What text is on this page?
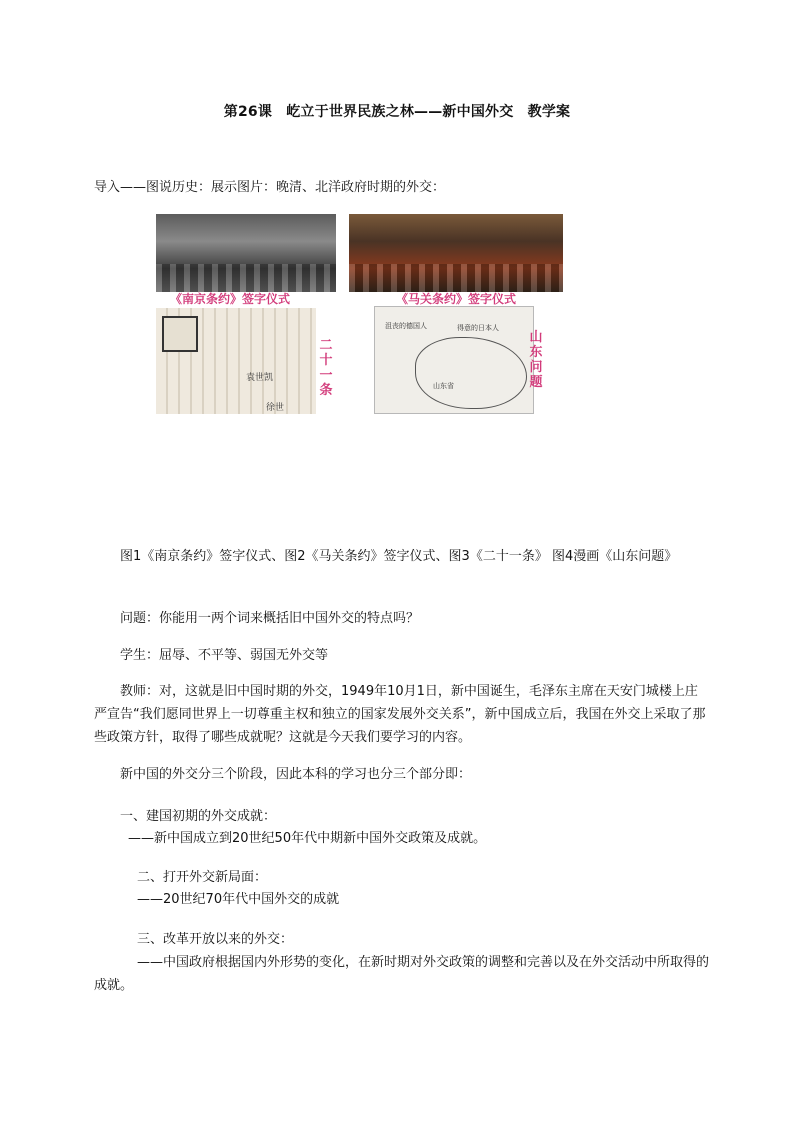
第26课　屹立于世界民族之林——新中国外交　教学案
导入——图说历史：展示图片：晚清、北洋政府时期的外交：
《南京条约》签字仪式	《马关条约》签字仪式
袁世凯
徐世
二十一条
沮丧的德国人	得意的日本人
山东省
山东问题
图1《南京条约》签字仪式、图2《马关条约》签字仪式、图3《二十一条》 图4漫画《山东问题》
问题：你能用一两个词来概括旧中国外交的特点吗？
学生：屈辱、不平等、弱国无外交等
教师：对，这就是旧中国时期的外交，1949年10月1日，新中国诞生，毛泽东主席在天安门城楼上庄严宣告“我们愿同世界上一切尊重主权和独立的国家发展外交关系”，新中国成立后，我国在外交上采取了那些政策方针，取得了哪些成就呢？这就是今天我们要学习的内容。
新中国的外交分三个阶段，因此本科的学习也分三个部分即：
一、建国初期的外交成就：
——新中国成立到20世纪50年代中期新中国外交政策及成就。
二、打开外交新局面：
——20世纪70年代中国外交的成就
三、改革开放以来的外交：
——中国政府根据国内外形势的变化，在新时期对外交政策的调整和完善以及在外交活动中所取得的成就。
